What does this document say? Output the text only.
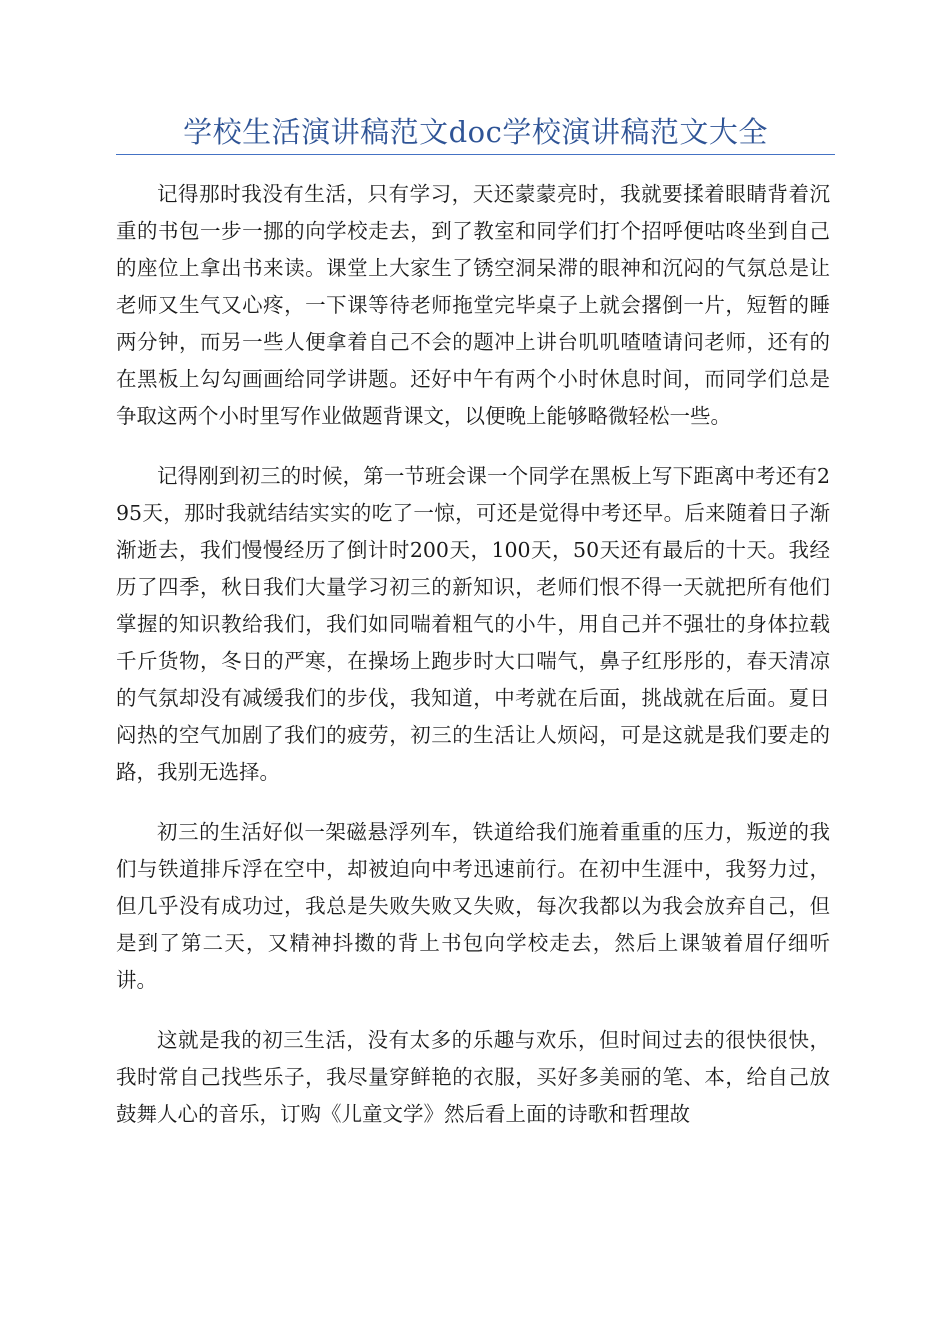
学校生活演讲稿范文doc学校演讲稿范文大全

记得那时我没有生活，只有学习，天还蒙蒙亮时，我就要揉着眼睛背着沉重的书包一步一挪的向学校走去，到了教室和同学们打个招呼便咕咚坐到自己的座位上拿出书来读。课堂上大家生了锈空洞呆滞的眼神和沉闷的气氛总是让老师又生气又心疼，一下课等待老师拖堂完毕桌子上就会撂倒一片，短暂的睡两分钟，而另一些人便拿着自己不会的题冲上讲台叽叽喳喳请问老师，还有的在黑板上勾勾画画给同学讲题。还好中午有两个小时休息时间，而同学们总是争取这两个小时里写作业做题背课文，以便晚上能够略微轻松一些。

记得刚到初三的时候，第一节班会课一个同学在黑板上写下距离中考还有295天，那时我就结结实实的吃了一惊，可还是觉得中考还早。后来随着日子渐渐逝去，我们慢慢经历了倒计时200天，100天，50天还有最后的十天。我经历了四季，秋日我们大量学习初三的新知识，老师们恨不得一天就把所有他们掌握的知识教给我们，我们如同喘着粗气的小牛，用自己并不强壮的身体拉载千斤货物，冬日的严寒，在操场上跑步时大口喘气，鼻子红彤彤的，春天清凉的气氛却没有减缓我们的步伐，我知道，中考就在后面，挑战就在后面。夏日闷热的空气加剧了我们的疲劳，初三的生活让人烦闷，可是这就是我们要走的路，我别无选择。

初三的生活好似一架磁悬浮列车，铁道给我们施着重重的压力，叛逆的我们与铁道排斥浮在空中，却被迫向中考迅速前行。在初中生涯中，我努力过，但几乎没有成功过，我总是失败失败又失败，每次我都以为我会放弃自己，但是到了第二天，又精神抖擞的背上书包向学校走去，然后上课皱着眉仔细听讲。

这就是我的初三生活，没有太多的乐趣与欢乐，但时间过去的很快很快，我时常自己找些乐子，我尽量穿鲜艳的衣服，买好多美丽的笔、本，给自己放鼓舞人心的音乐，订购《儿童文学》然后看上面的诗歌和哲理故
